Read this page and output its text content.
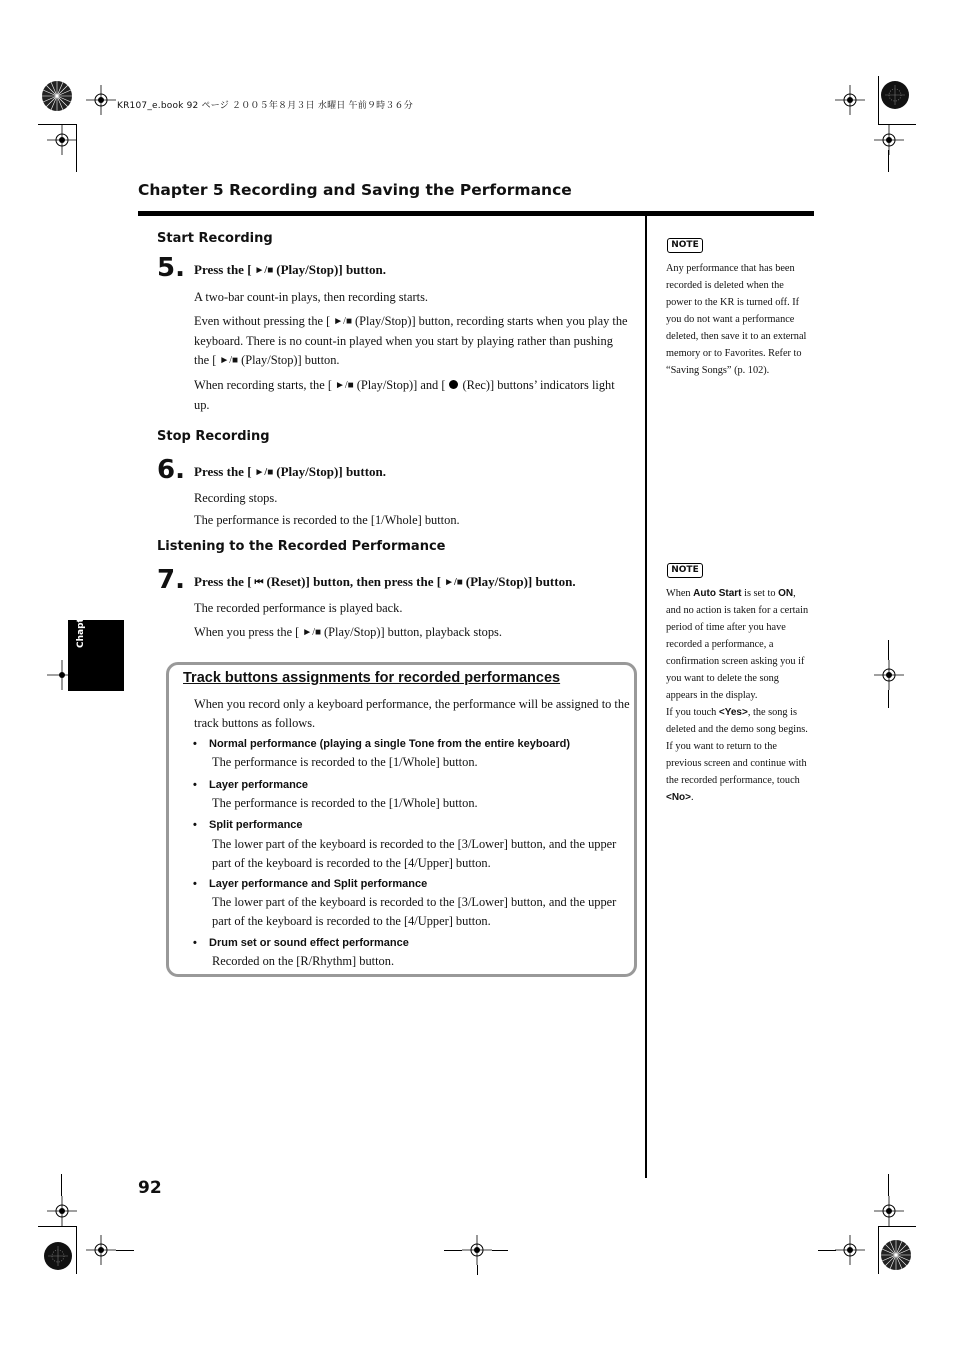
KR107_e.book 92 ページ ２００５年８月３日 水曜日 午前９時３６分
Chapter 5 Recording and Saving the Performance
Chapter 5
Start Recording
5. Press the [ ►/■ (Play/Stop)] button.
A two-bar count-in plays, then recording starts.
Even without pressing the [ ►/■ (Play/Stop)] button, recording starts when you play the keyboard. There is no count-in played when you start by playing rather than pushing the [ ►/■ (Play/Stop)] button.
When recording starts, the [ ►/■ (Play/Stop)] and [ (Rec)] buttons’ indicators light up.
Stop Recording
6. Press the [ ►/■ (Play/Stop)] button.
Recording stops.
The performance is recorded to the [1/Whole] button.
Listening to the Recorded Performance
7. Press the [ ⏮ (Reset)] button, then press the [ ►/■ (Play/Stop)] button.
The recorded performance is played back.
When you press the [ ►/■ (Play/Stop)] button, playback stops.
Track buttons assignments for recorded performances
When you record only a keyboard performance, the performance will be assigned to the track buttons as follows.
• Normal performance (playing a single Tone from the entire keyboard)
The performance is recorded to the [1/Whole] button.
• Layer performance
The performance is recorded to the [1/Whole] button.
• Split performance
The lower part of the keyboard is recorded to the [3/Lower] button, and the upper part of the keyboard is recorded to the [4/Upper] button.
• Layer performance and Split performance
The lower part of the keyboard is recorded to the [3/Lower] button, and the upper part of the keyboard is recorded to the [4/Upper] button.
• Drum set or sound effect performance
Recorded on the [R/Rhythm] button.
NOTE
Any performance that has been recorded is deleted when the power to the KR is turned off. If you do not want a performance deleted, then save it to an external memory or to Favorites. Refer to “Saving Songs” (p. 102).
NOTE
When Auto Start is set to ON, and no action is taken for a certain period of time after you have recorded a performance, a confirmation screen asking you if you want to delete the song appears in the display.
If you touch <Yes>, the song is deleted and the demo song begins.
If you want to return to the previous screen and continue with the recorded performance, touch <No>.
92
